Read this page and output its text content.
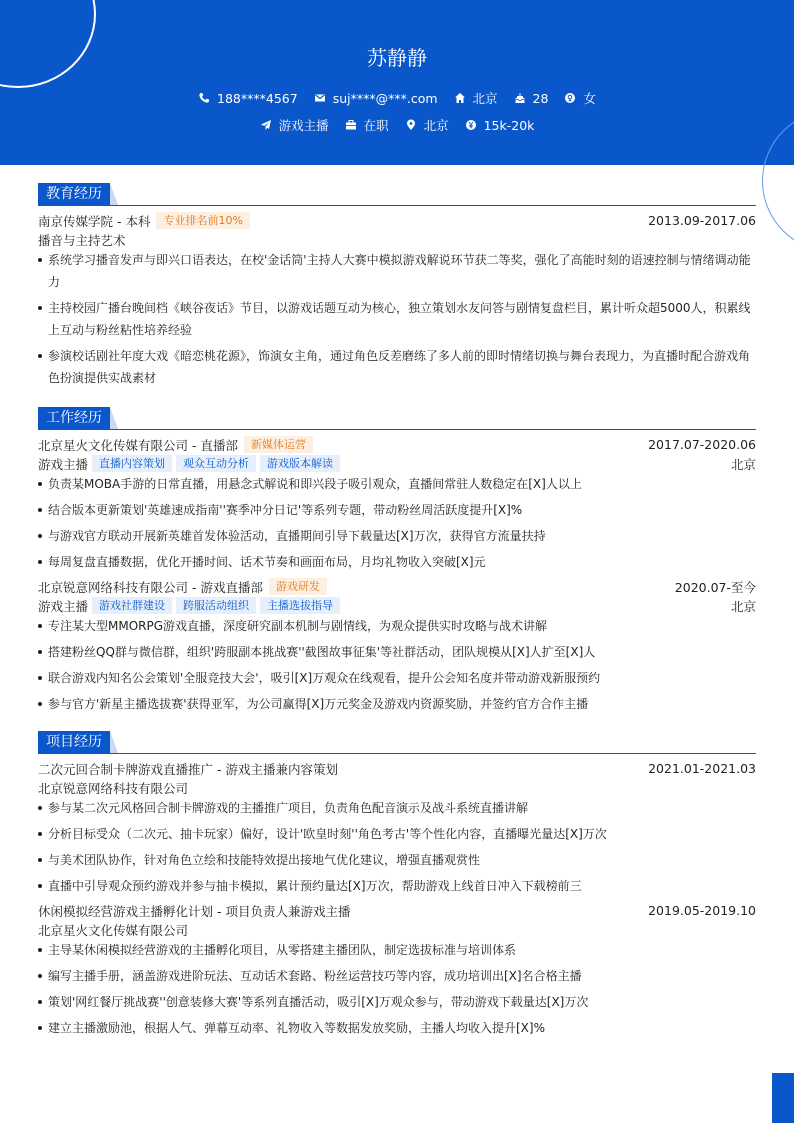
苏静静
188****4567	suj****@***.com	北京	28	女
游戏主播	在职	北京	15k-20k
教育经历
南京传媒学院 - 本科	专业排名前10%	2013.09-2017.06
播音与主持艺术
系统学习播音发声与即兴口语表达，在校'金话筒'主持人大赛中模拟游戏解说环节获二等奖，强化了高能时刻的语速控制与情绪调动能力
主持校园广播台晚间档《峡谷夜话》节目，以游戏话题互动为核心，独立策划水友问答与剧情复盘栏目，累计听众超5000人，积累线上互动与粉丝粘性培养经验
参演校话剧社年度大戏《暗恋桃花源》，饰演女主角，通过角色反差磨练了多人前的即时情绪切换与舞台表现力，为直播时配合游戏角色扮演提供实战素材
工作经历
北京星火文化传媒有限公司 - 直播部	新媒体运营	2017.07-2020.06
游戏主播	直播内容策划	观众互动分析	游戏版本解读	北京
负责某MOBA手游的日常直播，用悬念式解说和即兴段子吸引观众，直播间常驻人数稳定在[X]人以上
结合版本更新策划'英雄速成指南''赛季冲分日记'等系列专题，带动粉丝周活跃度提升[X]%
与游戏官方联动开展新英雄首发体验活动，直播期间引导下载量达[X]万次，获得官方流量扶持
每周复盘直播数据，优化开播时间、话术节奏和画面布局，月均礼物收入突破[X]元
北京锐意网络科技有限公司 - 游戏直播部	游戏研发	2020.07-至今
游戏主播	游戏社群建设	跨服活动组织	主播选拔指导	北京
专注某大型MMORPG游戏直播，深度研究副本机制与剧情线，为观众提供实时攻略与战术讲解
搭建粉丝QQ群与微信群，组织'跨服副本挑战赛''截图故事征集'等社群活动，团队规模从[X]人扩至[X]人
联合游戏内知名公会策划'全服竞技大会'，吸引[X]万观众在线观看，提升公会知名度并带动游戏新服预约
参与官方'新星主播选拔赛'获得亚军，为公司赢得[X]万元奖金及游戏内资源奖励，并签约官方合作主播
项目经历
二次元回合制卡牌游戏直播推广 - 游戏主播兼内容策划	2021.01-2021.03
北京锐意网络科技有限公司
参与某二次元风格回合制卡牌游戏的主播推广项目，负责角色配音演示及战斗系统直播讲解
分析目标受众（二次元、抽卡玩家）偏好，设计'欧皇时刻''角色考古'等个性化内容，直播曝光量达[X]万次
与美术团队协作，针对角色立绘和技能特效提出接地气优化建议，增强直播观赏性
直播中引导观众预约游戏并参与抽卡模拟，累计预约量达[X]万次，帮助游戏上线首日冲入下载榜前三
休闲模拟经营游戏主播孵化计划 - 项目负责人兼游戏主播	2019.05-2019.10
北京星火文化传媒有限公司
主导某休闲模拟经营游戏的主播孵化项目，从零搭建主播团队，制定选拔标准与培训体系
编写主播手册，涵盖游戏进阶玩法、互动话术套路、粉丝运营技巧等内容，成功培训出[X]名合格主播
策划'网红餐厅挑战赛''创意装修大赛'等系列直播活动，吸引[X]万观众参与，带动游戏下载量达[X]万次
建立主播激励池，根据人气、弹幕互动率、礼物收入等数据发放奖励，主播人均收入提升[X]%
